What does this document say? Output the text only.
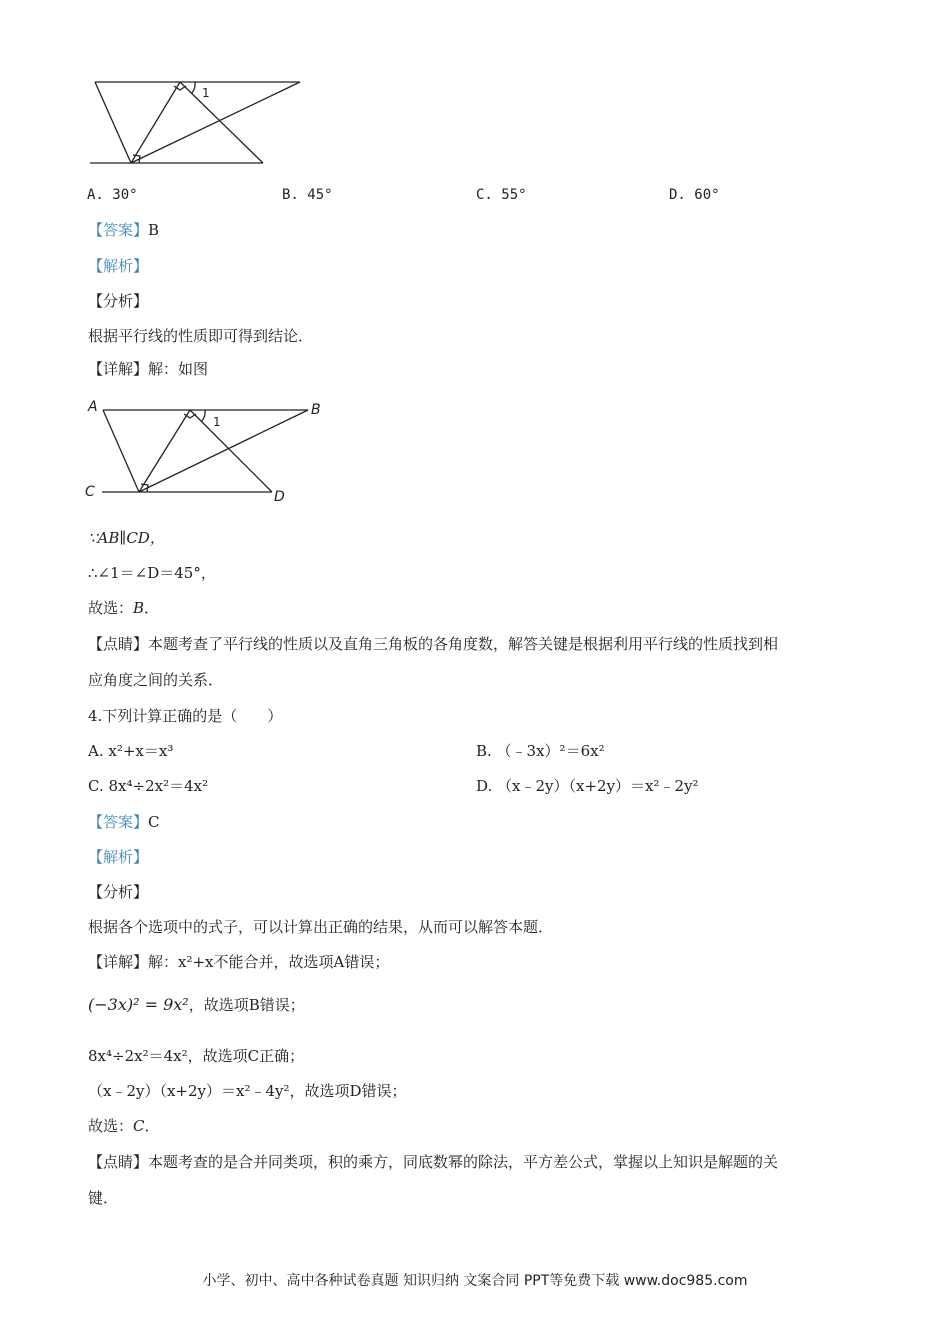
1
A. 30°	B. 45°	C. 55°	D. 60°
【答案】B
【解析】
【分析】
根据平行线的性质即可得到结论．
【详解】解：如图
A	B
C	D
1
∵AB∥CD，
∴∠1＝∠D＝45°，
故选：B．
【点睛】本题考查了平行线的性质以及直角三角板的各角度数，解答关键是根据利用平行线的性质找到相
应角度之间的关系．
4.下列计算正确的是（　　）
A. x²+x＝x³	B. （﹣3x）²＝6x²
C. 8x⁴÷2x²＝4x²	D. （x﹣2y）（x+2y）＝x²﹣2y²
【答案】C
【解析】
【分析】
根据各个选项中的式子，可以计算出正确的结果，从而可以解答本题．
【详解】解：x²+x不能合并，故选项A错误；
(−3x)² = 9x²，故选项B错误；
8x⁴÷2x²＝4x²，故选项C正确；
（x﹣2y）（x+2y）＝x²﹣4y²，故选项D错误；
故选：C．
【点睛】本题考查的是合并同类项，积的乘方，同底数幂的除法，平方差公式，掌握以上知识是解题的关
键．
小学、初中、高中各种试卷真题 知识归纳 文案合同 PPT等免费下载 www.doc985.com
